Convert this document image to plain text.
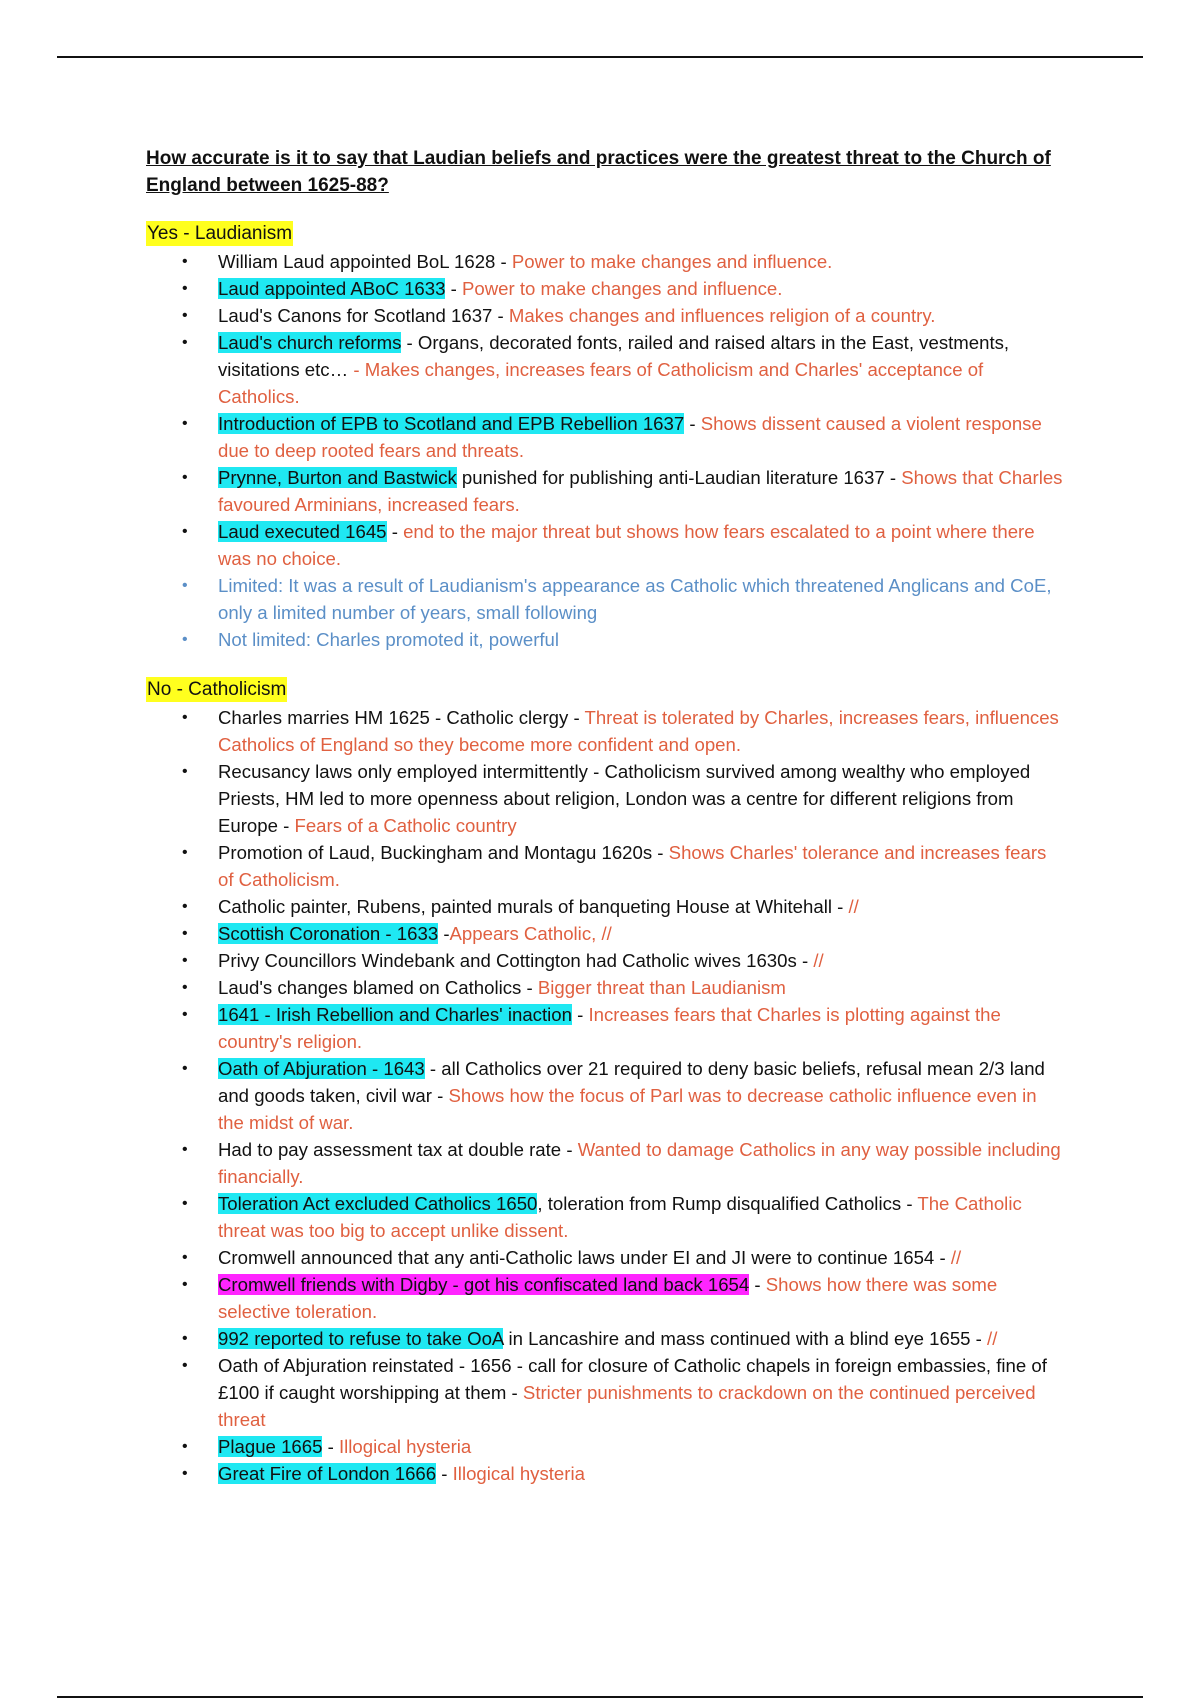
How accurate is it to say that Laudian beliefs and practices were the greatest threat to the Church of England between 1625-88?

Yes - Laudianism
• William Laud appointed BoL 1628 - Power to make changes and influence.
• Laud appointed ABoC 1633 - Power to make changes and influence.
• Laud's Canons for Scotland 1637 - Makes changes and influences religion of a country.
• Laud's church reforms - Organs, decorated fonts, railed and raised altars in the East, vestments, visitations etc… - Makes changes, increases fears of Catholicism and Charles' acceptance of Catholics.
• Introduction of EPB to Scotland and EPB Rebellion 1637 - Shows dissent caused a violent response due to deep rooted fears and threats.
• Prynne, Burton and Bastwick punished for publishing anti-Laudian literature 1637 - Shows that Charles favoured Arminians, increased fears.
• Laud executed 1645 - end to the major threat but shows how fears escalated to a point where there was no choice.
• Limited: It was a result of Laudianism's appearance as Catholic which threatened Anglicans and CoE, only a limited number of years, small following
• Not limited: Charles promoted it, powerful
No - Catholicism
• Charles marries HM 1625 - Catholic clergy - Threat is tolerated by Charles, increases fears, influences Catholics of England so they become more confident and open.
• Recusancy laws only employed intermittently - Catholicism survived among wealthy who employed Priests, HM led to more openness about religion, London was a centre for different religions from Europe - Fears of a Catholic country
• Promotion of Laud, Buckingham and Montagu 1620s - Shows Charles' tolerance and increases fears of Catholicism.
• Catholic painter, Rubens, painted murals of banqueting House at Whitehall - //
• Scottish Coronation - 1633 -Appears Catholic, //
• Privy Councillors Windebank and Cottington had Catholic wives 1630s - //
• Laud's changes blamed on Catholics - Bigger threat than Laudianism
• 1641 - Irish Rebellion and Charles' inaction - Increases fears that Charles is plotting against the country's religion.
• Oath of Abjuration - 1643 - all Catholics over 21 required to deny basic beliefs, refusal mean 2/3 land and goods taken, civil war - Shows how the focus of Parl was to decrease catholic influence even in the midst of war.
• Had to pay assessment tax at double rate - Wanted to damage Catholics in any way possible including financially.
• Toleration Act excluded Catholics 1650, toleration from Rump disqualified Catholics - The Catholic threat was too big to accept unlike dissent.
• Cromwell announced that any anti-Catholic laws under EI and JI were to continue 1654 - //
• Cromwell friends with Digby - got his confiscated land back 1654 - Shows how there was some selective toleration.
• 992 reported to refuse to take OoA in Lancashire and mass continued with a blind eye 1655 - //
• Oath of Abjuration reinstated - 1656 - call for closure of Catholic chapels in foreign embassies, fine of £100 if caught worshipping at them - Stricter punishments to crackdown on the continued perceived threat
• Plague 1665 - Illogical hysteria
• Great Fire of London 1666 - Illogical hysteria
